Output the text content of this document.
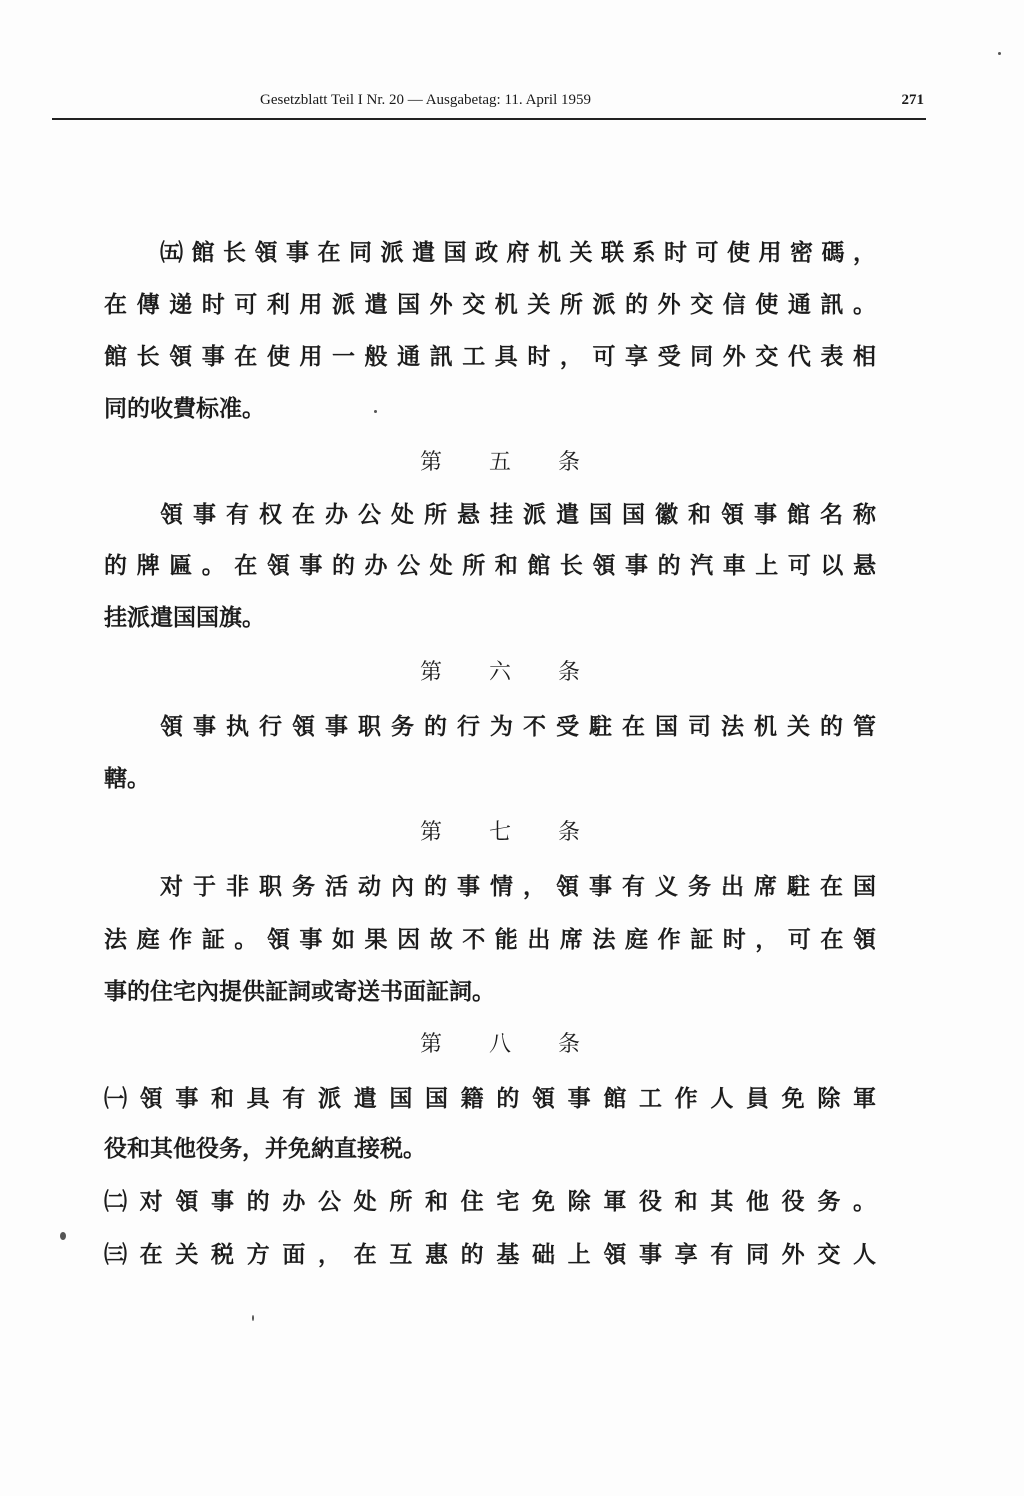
Gesetzblatt Teil I Nr. 20 — Ausgabetag: 11. April 1959	271
㈤館长領事在同派遣国政府机关联系时可使用密碼，
在傳递时可利用派遣国外交机关所派的外交信使通訊。
館长領事在使用一般通訊工具时，可享受同外交代表相
同的收費标准。
第五条
領事有权在办公处所悬挂派遣国国徽和領事館名称
的牌匾。在領事的办公处所和館长領事的汽車上可以悬
挂派遣国国旗。
第六条
領事执行領事职务的行为不受駐在国司法机关的管
轄。
第七条
对于非职务活动內的事情，領事有义务出席駐在国
法庭作証。領事如果因故不能出席法庭作証时，可在領
事的住宅內提供証詞或寄送书面証詞。
第八条
㈠領事和具有派遣国国籍的領事館工作人員免除軍
役和其他役务，并免納直接税。
㈡对領事的办公处所和住宅免除軍役和其他役务。
㈢在关税方面，在互惠的基础上領事享有同外交人
